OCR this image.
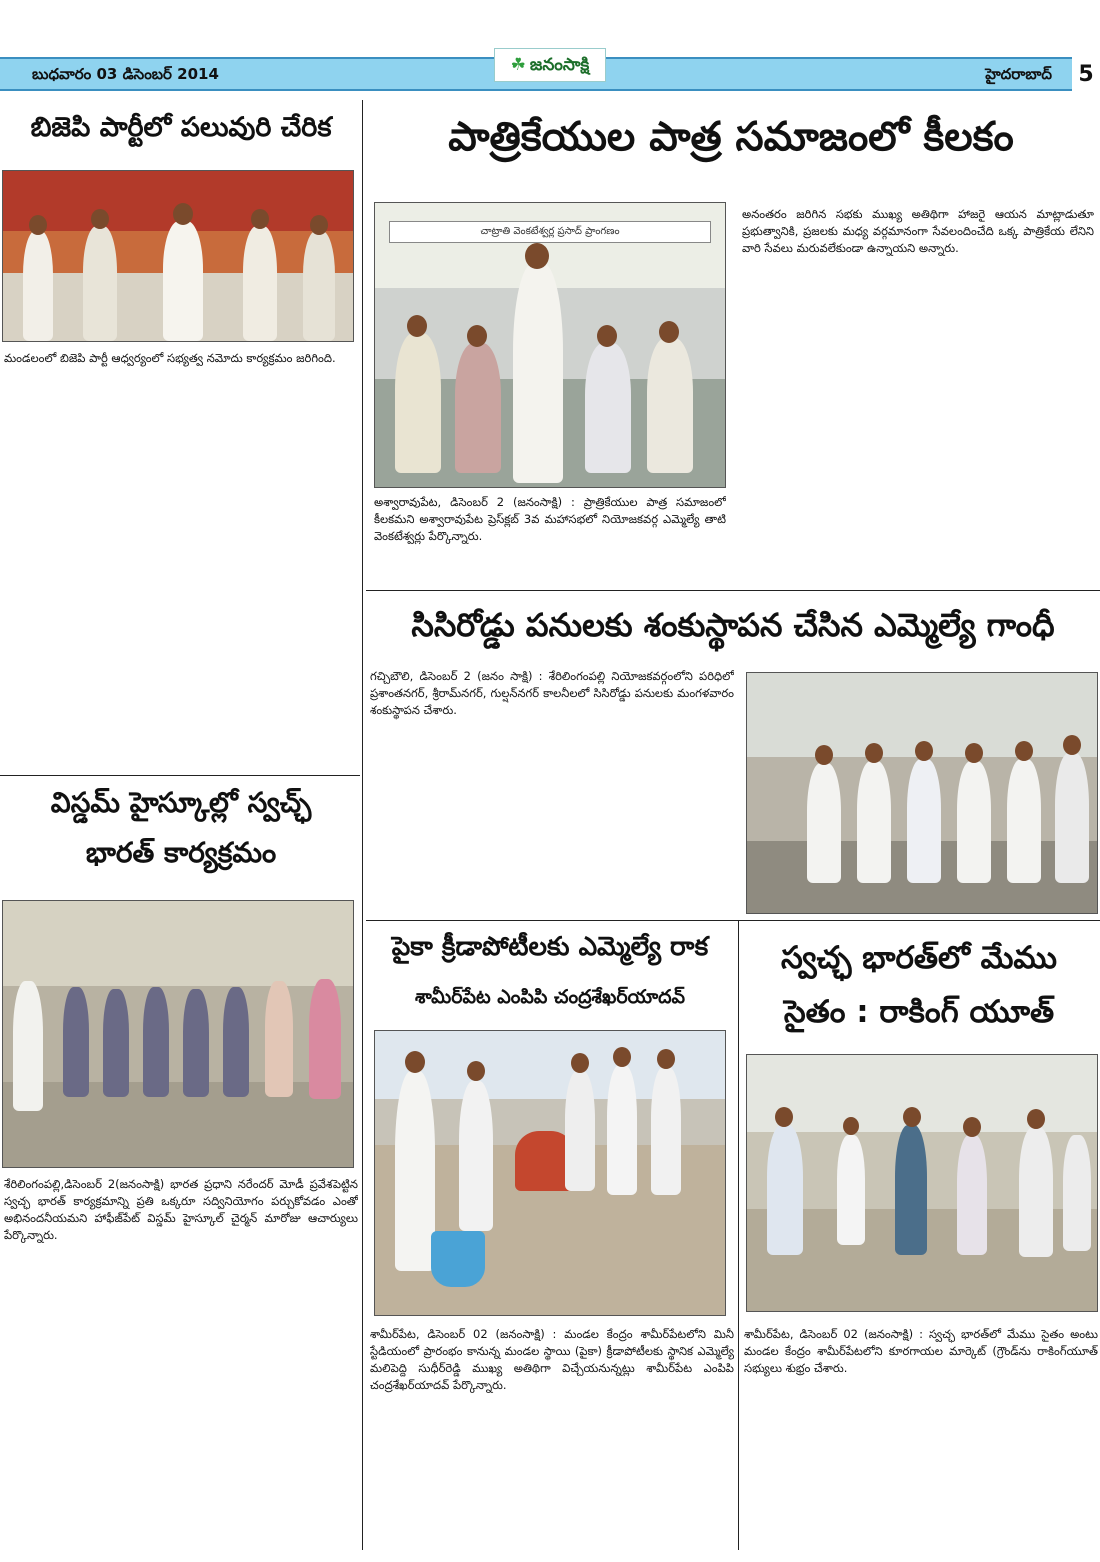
బుధవారం 03 డిసెంబర్ 2014	హైదరాబాద్ 5
☘ జనంసాక్షి
బిజెపి పార్టీలో పలువురి చేరిక
మండలంలో బిజెపి పార్టీ ఆధ్వర్యంలో సభ్యత్వ నమోదు కార్యక్రమం జరిగింది.
పాత్రికేయుల పాత్ర సమాజంలో కీలకం
చాట్రాతి వెంకటేశ్వర్ల ప్రసాద్ ప్రాంగణం
అశ్వారావుపేట, డిసెంబర్ 2 (జనంసాక్షి) : ప్రాత్రికేయుల పాత్ర సమాజంలో కీలకమని అశ్వారావుపేట ప్రెస్‌క్లబ్ 3వ మహాసభలో నియోజకవర్గ ఎమ్మెల్యే తాటి వెంకటేశ్వర్లు పేర్కొన్నారు.
అనంతరం జరిగిన సభకు ముఖ్య అతిథిగా హాజరై ఆయన మాట్లాడుతూ ప్రభుత్వానికి, ప్రజలకు మధ్య వర్గమానంగా సేవలందించేది ఒక్క పాత్రికేయ లేనిని వారి సేవలు మరువలేకుండా ఉన్నాయని అన్నారు.
సిసిరోడ్డు పనులకు శంకుస్థాపన చేసిన ఎమ్మెల్యే గాంధీ
గచ్చిబౌలి, డిసెంబర్ 2 (జనం సాక్షి) : శేరిలింగంపల్లి నియోజకవర్గంలోని పరిధిలో ప్రశాంతనగర్, శ్రీరామ్‌నగర్, గుల్షన్‌నగర్ కాలనీలలో సిసిరోడ్డు పనులకు మంగళవారం శంకుస్థాపన చేశారు.
విస్డమ్ హైస్కూల్లో స్వచ్ఛ్
భారత్ కార్యక్రమం
శేరిలింగంపల్లి,డిసెంబర్ 2(జనంసాక్షి) భారత ప్రధాని నరేందర్ మోడీ ప్రవేశపెట్టిన స్వచ్ఛ భారత్ కార్యక్రమాన్ని ప్రతి ఒక్కరూ సద్వినియోగం పర్చుకోవడం ఎంతో అభినందనీయమని హాఫీజ్‌పేట్ విస్డమ్ హైస్కూల్ చైర్మన్ మారోజు ఆచార్యులు పేర్కొన్నారు.
పైకా క్రీడాపోటీలకు ఎమ్మెల్యే రాక
శామీర్‌పేట ఎంపిపి చంద్రశేఖర్‌యాదవ్
శామీర్‌పేట, డిసెంబర్ 02 (జనంసాక్షి) : మండల కేంద్రం శామీర్‌పేటలోని మినీ స్టేడియంలో ప్రారంభం కానున్న మండల స్థాయి (పైకా) క్రీడాపోటీలకు స్థానిక ఎమ్మెల్యే మలిపెద్ది సుధీర్‌రెడ్డి ముఖ్య అతిథిగా విచ్చేయనున్నట్లు శామీర్‌పేట ఎంపిపి చంద్రశేఖర్‌యాదవ్ పేర్కొన్నారు.
స్వచ్ఛ భారత్‌లో మేము
సైతం : రాకింగ్ యూత్
శామీర్‌పేట, డిసెంబర్ 02 (జనంసాక్షి) : స్వచ్ఛ భారత్‌లో మేము సైతం అంటు మండల కేంద్రం శామీర్‌పేటలోని కూరగాయల మార్కెట్ (గ్రౌండ్‌ను రాకింగ్‌యూత్ సభ్యులు శుభ్రం చేశారు.
